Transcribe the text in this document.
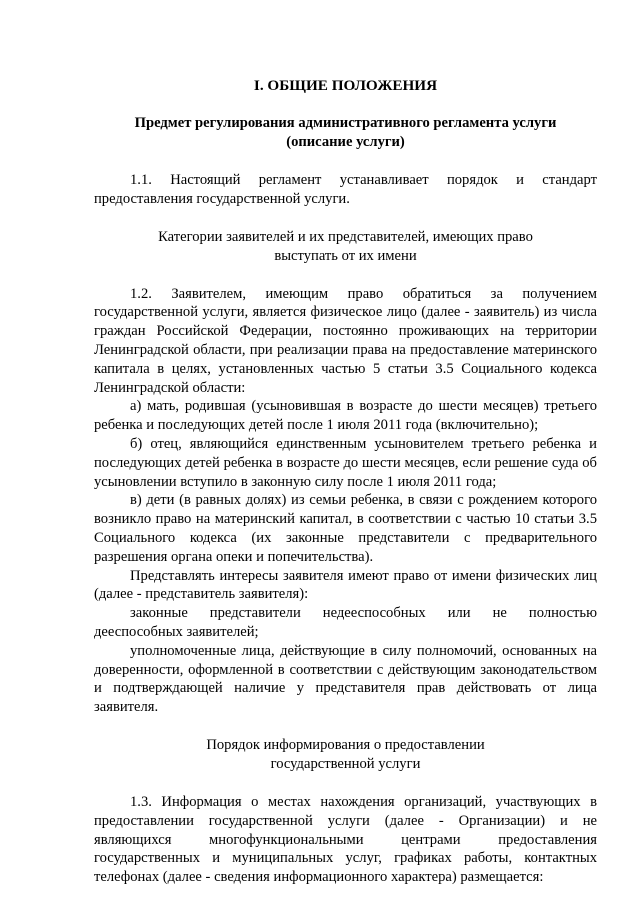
I. ОБЩИЕ ПОЛОЖЕНИЯ
Предмет регулирования административного регламента услуги
(описание услуги)
1.1. Настоящий регламент устанавливает порядок и стандарт предоставления государственной услуги.
Категории заявителей и их представителей, имеющих право
выступать от их имени
1.2. Заявителем, имеющим право обратиться за получением государственной услуги, является физическое лицо (далее - заявитель) из числа граждан Российской Федерации, постоянно проживающих на территории Ленинградской области, при реализации права на предоставление материнского капитала в целях, установленных частью 5 статьи 3.5 Социального кодекса Ленинградской области:
а) мать, родившая (усыновившая в возрасте до шести месяцев) третьего ребенка и последующих детей после 1 июля 2011 года (включительно);
б) отец, являющийся единственным усыновителем третьего ребенка и последующих детей ребенка в возрасте до шести месяцев, если решение суда об усыновлении вступило в законную силу после 1 июля 2011 года;
в) дети (в равных долях) из семьи ребенка, в связи с рождением которого возникло право на материнский капитал, в соответствии с частью 10 статьи 3.5 Социального кодекса (их законные представители с предварительного разрешения органа опеки и попечительства).
Представлять интересы заявителя имеют право от имени физических лиц (далее - представитель заявителя):
законные представители недееспособных или не полностью дееспособных заявителей;
уполномоченные лица, действующие в силу полномочий, основанных на доверенности, оформленной в соответствии с действующим законодательством и подтверждающей наличие у представителя прав действовать от лица заявителя.
Порядок информирования о предоставлении
государственной услуги
1.3. Информация о местах нахождения организаций, участвующих в предоставлении государственной услуги (далее - Организации) и не являющихся многофункциональными центрами предоставления государственных и муниципальных услуг, графиках работы, контактных телефонах (далее - сведения информационного характера) размещается:
